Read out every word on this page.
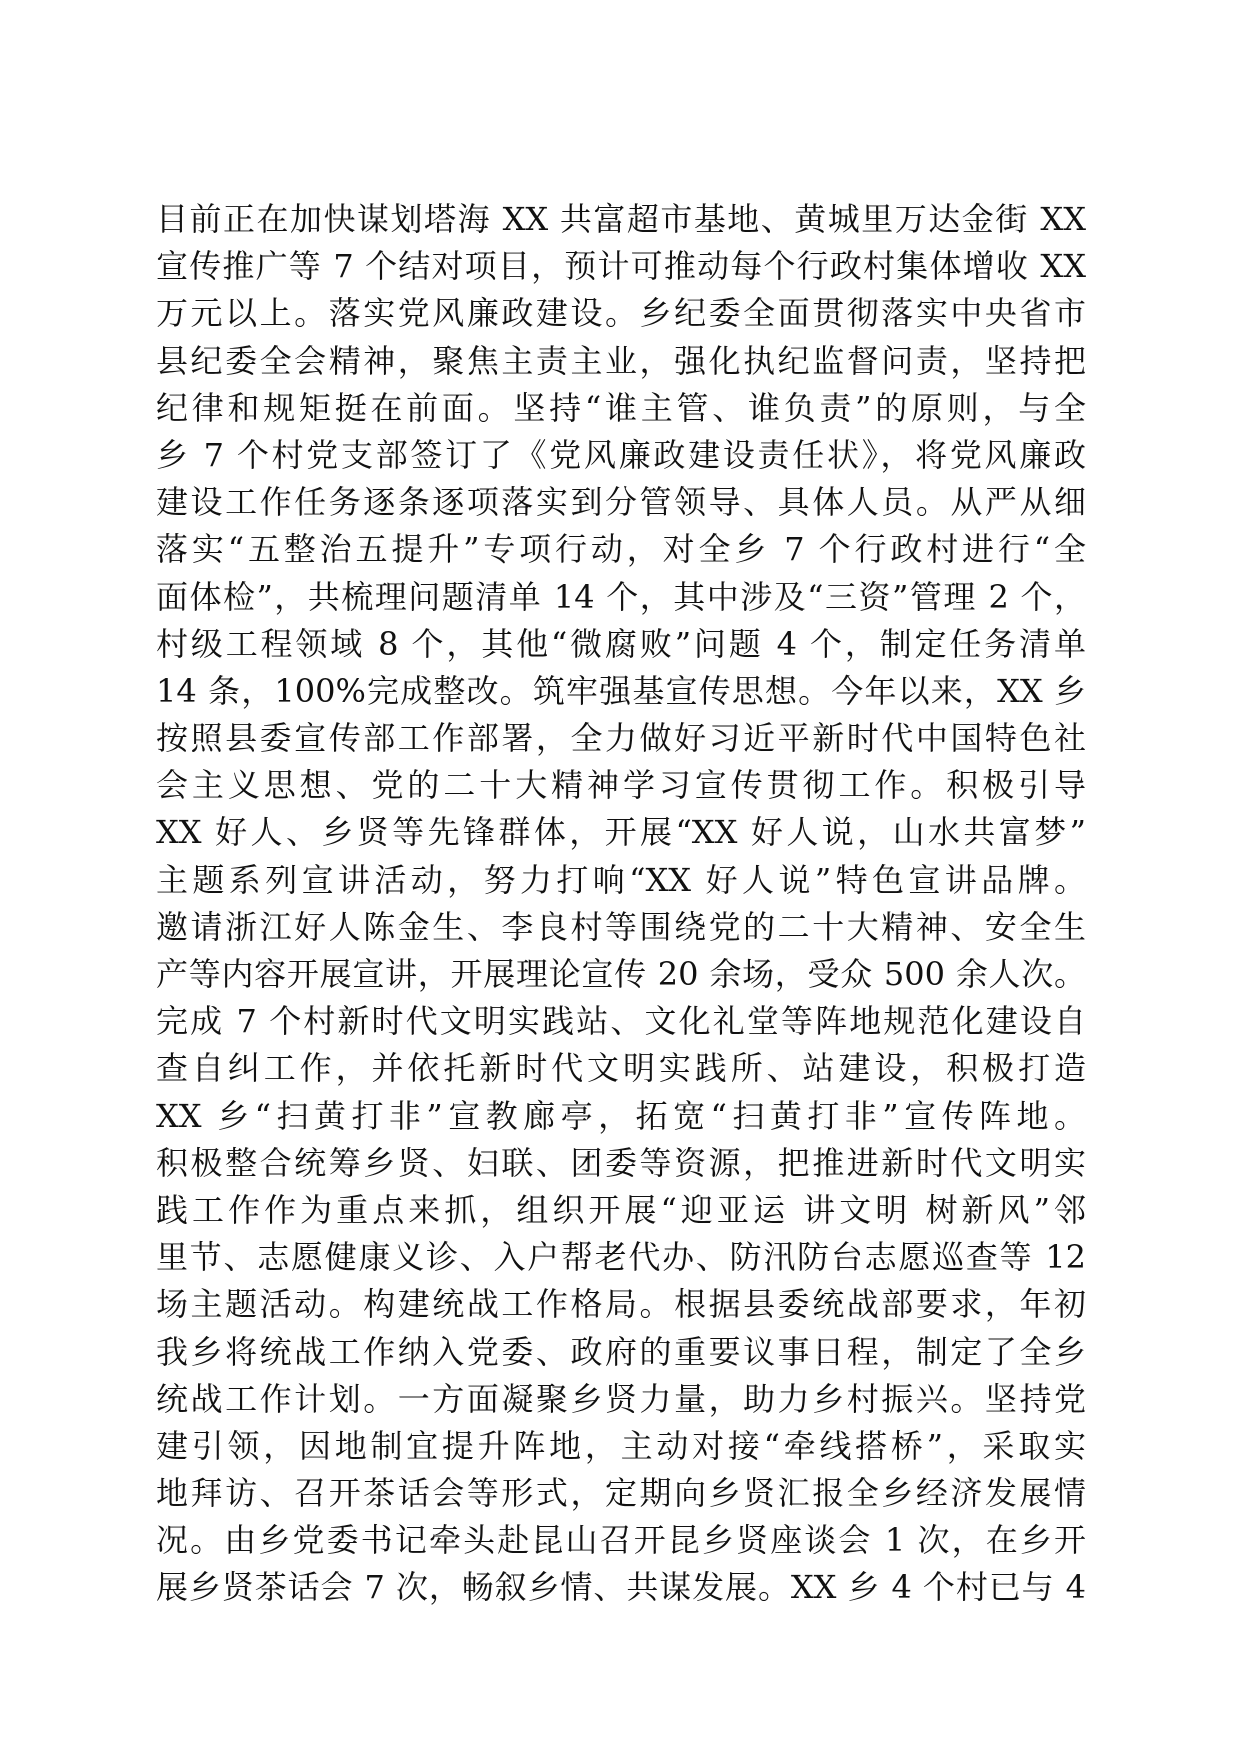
目前正在加快谋划塔海 XX 共富超市基地、黄城里万达金街 XX
宣传推广等 7 个结对项目，预计可推动每个行政村集体增收 XX
万元以上。落实党风廉政建设。乡纪委全面贯彻落实中央省市
县纪委全会精神，聚焦主责主业，强化执纪监督问责，坚持把
纪律和规矩挺在前面。坚持“谁主管、谁负责”的原则，与全
乡 7 个村党支部签订了《党风廉政建设责任状》，将党风廉政
建设工作任务逐条逐项落实到分管领导、具体人员。从严从细
落实“五整治五提升”专项行动，对全乡 7 个行政村进行“全
面体检”，共梳理问题清单 14 个，其中涉及“三资”管理 2 个，
村级工程领域 8 个，其他“微腐败”问题 4 个，制定任务清单
14 条，100%完成整改。筑牢强基宣传思想。今年以来，XX 乡
按照县委宣传部工作部署，全力做好习近平新时代中国特色社
会主义思想、党的二十大精神学习宣传贯彻工作。积极引导
XX 好人、乡贤等先锋群体，开展“XX 好人说，山水共富梦”
主题系列宣讲活动，努力打响“XX 好人说”特色宣讲品牌。
邀请浙江好人陈金生、李良村等围绕党的二十大精神、安全生
产等内容开展宣讲，开展理论宣传 20 余场，受众 500 余人次。
完成 7 个村新时代文明实践站、文化礼堂等阵地规范化建设自
查自纠工作，并依托新时代文明实践所、站建设，积极打造
XX 乡“扫黄打非”宣教廊亭，拓宽“扫黄打非”宣传阵地。
积极整合统筹乡贤、妇联、团委等资源，把推进新时代文明实
践工作作为重点来抓，组织开展“迎亚运 讲文明 树新风”邻
里节、志愿健康义诊、入户帮老代办、防汛防台志愿巡查等 12
场主题活动。构建统战工作格局。根据县委统战部要求，年初
我乡将统战工作纳入党委、政府的重要议事日程，制定了全乡
统战工作计划。一方面凝聚乡贤力量，助力乡村振兴。坚持党
建引领，因地制宜提升阵地，主动对接“牵线搭桥”，采取实
地拜访、召开茶话会等形式，定期向乡贤汇报全乡经济发展情
况。由乡党委书记牵头赴昆山召开昆乡贤座谈会 1 次，在乡开
展乡贤茶话会 7 次，畅叙乡情、共谋发展。XX 乡 4 个村已与 4
